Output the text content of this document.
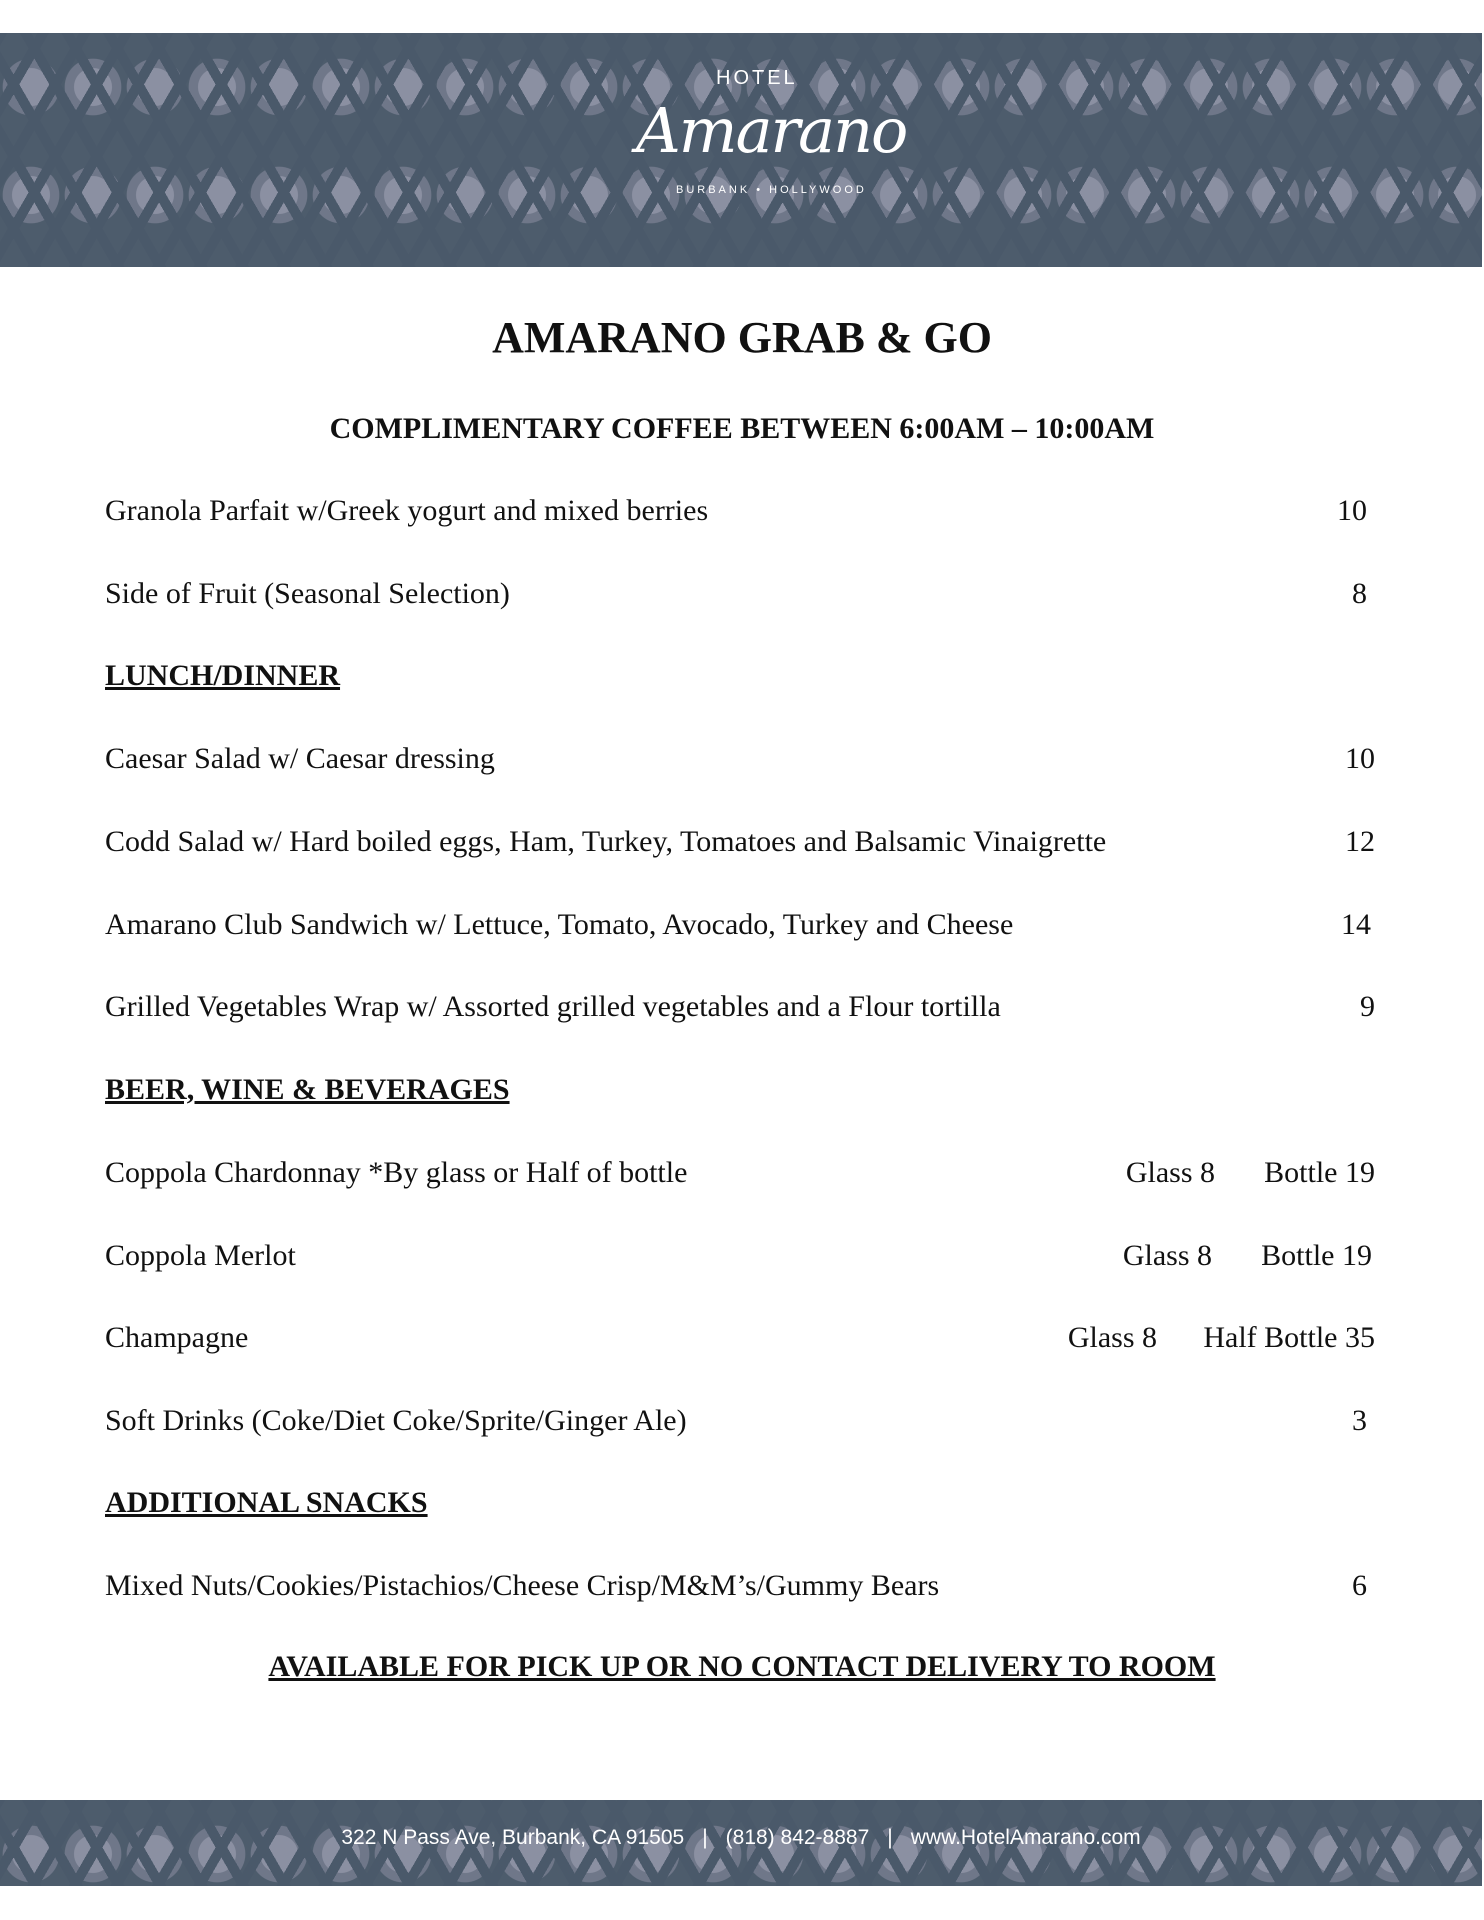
HOTEL
Amarano
BURBANK • HOLLYWOOD
AMARANO GRAB & GO
COMPLIMENTARY COFFEE BETWEEN 6:00AM – 10:00AM
Granola Parfait w/Greek yogurt and mixed berries	10
Side of Fruit (Seasonal Selection)	8
LUNCH/DINNER
Caesar Salad w/ Caesar dressing	10
Codd Salad w/ Hard boiled eggs, Ham, Turkey, Tomatoes and Balsamic Vinaigrette	12
Amarano Club Sandwich w/ Lettuce, Tomato, Avocado, Turkey and Cheese	14
Grilled Vegetables Wrap w/ Assorted grilled vegetables and a Flour tortilla	9
BEER, WINE & BEVERAGES
Coppola Chardonnay *By glass or Half of bottle	Glass 8 Bottle 19
Coppola Merlot	Glass 8 Bottle 19
Champagne	Glass 8 Half Bottle 35
Soft Drinks (Coke/Diet Coke/Sprite/Ginger Ale)	3
ADDITIONAL SNACKS
Mixed Nuts/Cookies/Pistachios/Cheese Crisp/M&M’s/Gummy Bears	6
AVAILABLE FOR PICK UP OR NO CONTACT DELIVERY TO ROOM
322 N Pass Ave, Burbank, CA 91505 | (818) 842-8887 | www.HotelAmarano.com
